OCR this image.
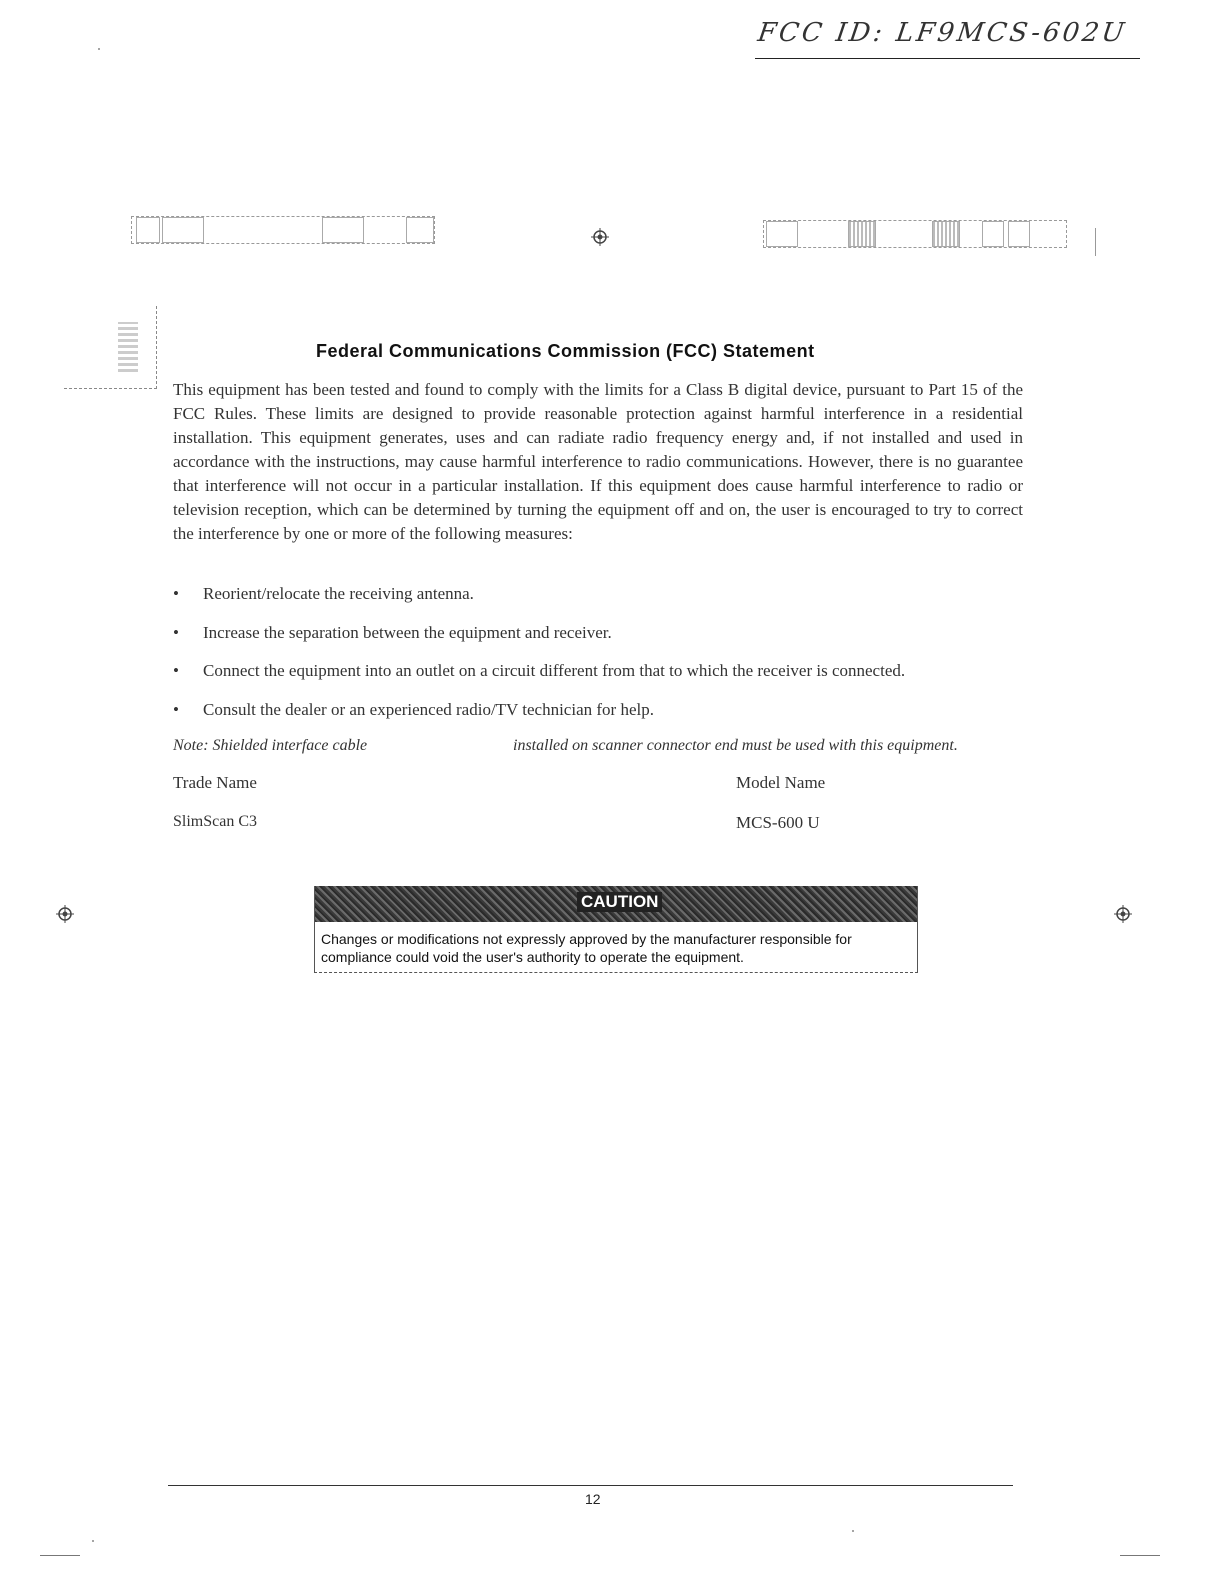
FCC ID: LF9MCS-602U
Federal Communications Commission (FCC) Statement
This equipment has been tested and found to comply with the limits for a Class B digital device, pursuant to Part 15 of the FCC Rules. These limits are designed to provide reasonable protection against harmful interference in a residential installation. This equipment generates, uses and can radiate radio frequency energy and, if not installed and used in accordance with the instructions, may cause harmful interference to radio communications. However, there is no guarantee that interference will not occur in a particular installation. If this equipment does cause harmful interference to radio or television reception, which can be determined by turning the equipment off and on, the user is encouraged to try to correct the interference by one or more of the following measures:
• Reorient/relocate the receiving antenna.
• Increase the separation between the equipment and receiver.
• Connect the equipment into an outlet on a circuit different from that to which the receiver is connected.
• Consult the dealer or an experienced radio/TV technician for help.
Note: Shielded interface cable	installed on scanner connector end must be used with this equipment.
Trade Name
SlimScan C3
Model Name
MCS-600 U
CAUTION
Changes or modifications not expressly approved by the manufacturer responsible for compliance could void the user's authority to operate the equipment.
12
